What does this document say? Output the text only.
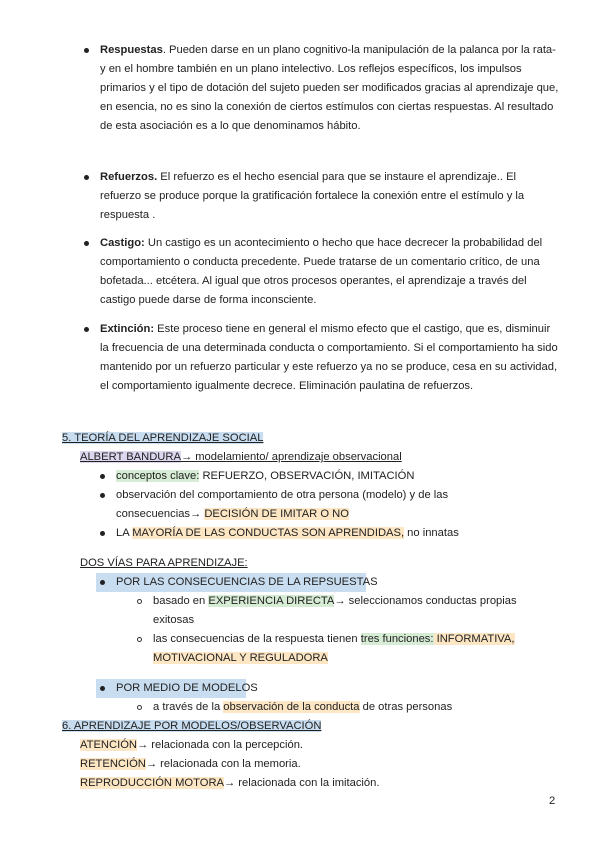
Respuestas. Pueden darse en un plano cognitivo-la manipulación de la palanca por la rata- y en el hombre también en un plano intelectivo. Los reflejos específicos, los impulsos primarios y el tipo de dotación del sujeto pueden ser modificados gracias al aprendizaje que, en esencia, no es sino la conexión de ciertos estímulos con ciertas respuestas. Al resultado de esta asociación es a lo que denominamos hábito.

Refuerzos. El refuerzo es el hecho esencial para que se instaure el aprendizaje.. El refuerzo se produce porque la gratificación fortalece la conexión entre el estímulo y la respuesta .

Castigo: Un castigo es un acontecimiento o hecho que hace decrecer la probabilidad del comportamiento o conducta precedente. Puede tratarse de un comentario crítico, de una bofetada... etcétera. Al igual que otros procesos operantes, el aprendizaje a través del castigo puede darse de forma inconsciente.

Extinción: Este proceso tiene en general el mismo efecto que el castigo, que es, disminuir la frecuencia de una determinada conducta o comportamiento. Si el comportamiento ha sido mantenido por un refuerzo particular y este refuerzo ya no se produce, cesa en su actividad, el comportamiento igualmente decrece. Eliminación paulatina de refuerzos.

5. TEORÍA DEL APRENDIZAJE SOCIAL
ALBERT BANDURA→ modelamiento/ aprendizaje observacional
conceptos clave: REFUERZO, OBSERVACIÓN, IMITACIÓN
observación del comportamiento de otra persona (modelo) y de las
consecuencias→ DECISIÓN DE IMITAR O NO
LA MAYORÍA DE LAS CONDUCTAS SON APRENDIDAS, no innatas
DOS VÍAS PARA APRENDIZAJE:
POR LAS CONSECUENCIAS DE LA REPSUESTAS
basado en EXPERIENCIA DIRECTA→ seleccionamos conductas propias
exitosas
las consecuencias de la respuesta tienen tres funciones: INFORMATIVA,
MOTIVACIONAL Y REGULADORA
POR MEDIO DE MODELOS
a través de la observación de la conducta de otras personas
6. APRENDIZAJE POR MODELOS/OBSERVACIÓN
ATENCIÓN→ relacionada con la percepción.
RETENCIÓN→ relacionada con la memoria.
REPRODUCCIÓN MOTORA→ relacionada con la imitación.
2
